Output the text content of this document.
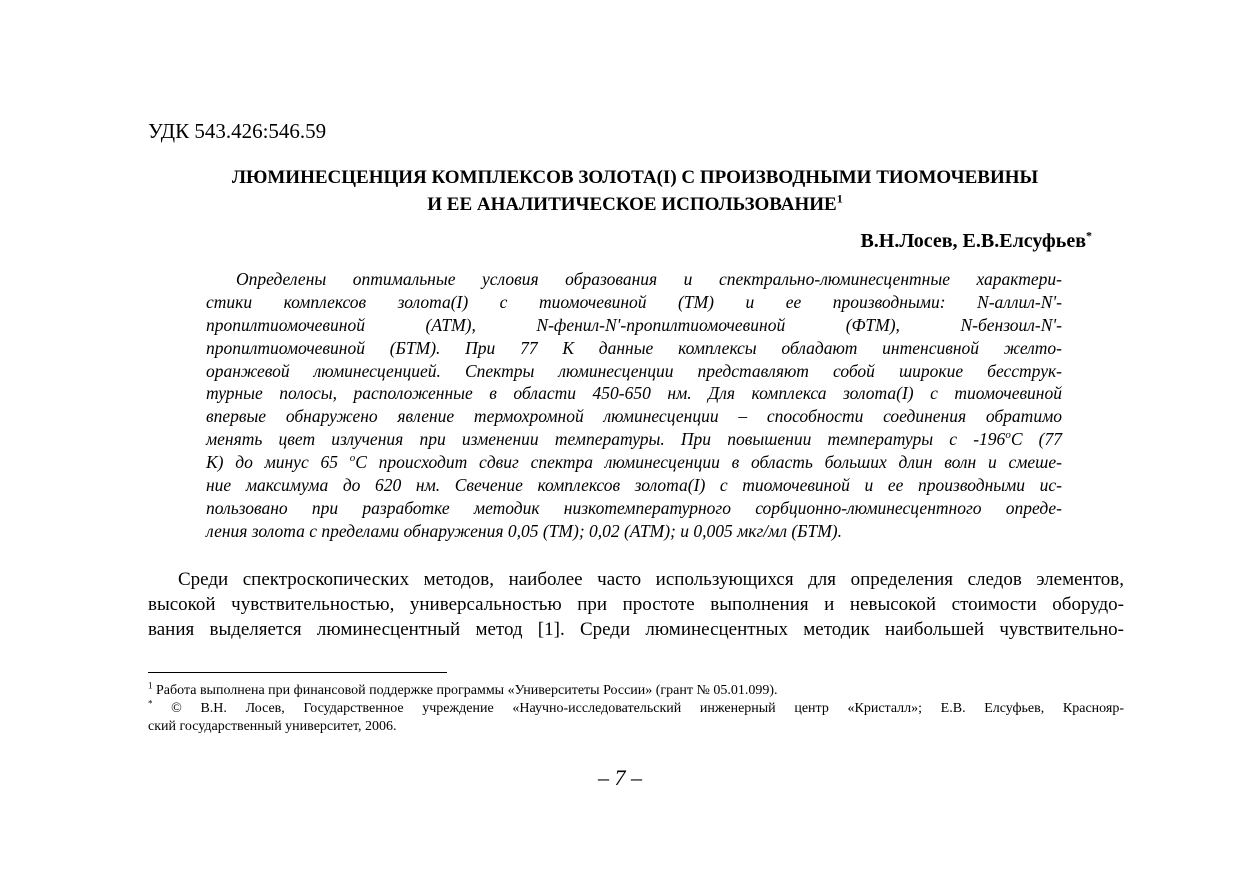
УДК 543.426:546.59
ЛЮМИНЕСЦЕНЦИЯ КОМПЛЕКСОВ ЗОЛОТА(I) С ПРОИЗВОДНЫМИ ТИОМОЧЕВИНЫ
И ЕЕ АНАЛИТИЧЕСКОЕ ИСПОЛЬЗОВАНИЕ$^1$
В.Н.Лосев, Е.В.Елсуфьев*
Определены оптимальные условия образования и спектрально-люминесцентные характери-
стики комплексов золота(I) с тиомочевиной (ТМ) и ее производными: N-аллил-N'-
пропилтиомочевиной (АТМ), N-фенил-N'-пропилтиомочевиной (ФТМ), N-бензоил-N'-
пропилтиомочевиной (БТМ). При 77 К данные комплексы обладают интенсивной желто-
оранжевой люминесценцией. Спектры люминесценции представляют собой широкие бесструк-
турные полосы, расположенные в области 450-650 нм. Для комплекса золота(I) с тиомочевиной
впервые обнаружено явление термохромной люминесценции – способности соединения обратимо
менять цвет излучения при изменении температуры. При повышении температуры с -196$^o$С (77
К) до минус 65 $^o$С происходит сдвиг спектра люминесценции в область больших длин волн и смеше-
ние максимума до 620 нм. Свечение комплексов золота(I) с тиомочевиной и ее производными ис-
пользовано при разработке методик низкотемпературного сорбционно-люминесцентного опреде-
ления золота с пределами обнаружения 0,05 (ТМ); 0,02 (АТМ); и 0,005 мкг/мл (БТМ).
Среди спектроскопических методов, наиболее часто использующихся для определения следов элементов,
высокой чувствительностью, универсальностью при простоте выполнения и невысокой стоимости оборудо-
вания выделяется люминесцентный метод [1]. Среди люминесцентных методик наибольшей чувствительно-
$^1$ Работа выполнена при финансовой поддержке программы «Университеты России» (грант № 05.01.099).
* © В.Н. Лосев, Государственное учреждение «Научно-исследовательский инженерный центр «Кристалл»; Е.В. Елсуфьев, Краснояр-
ский государственный университет, 2006.
– 7 –
